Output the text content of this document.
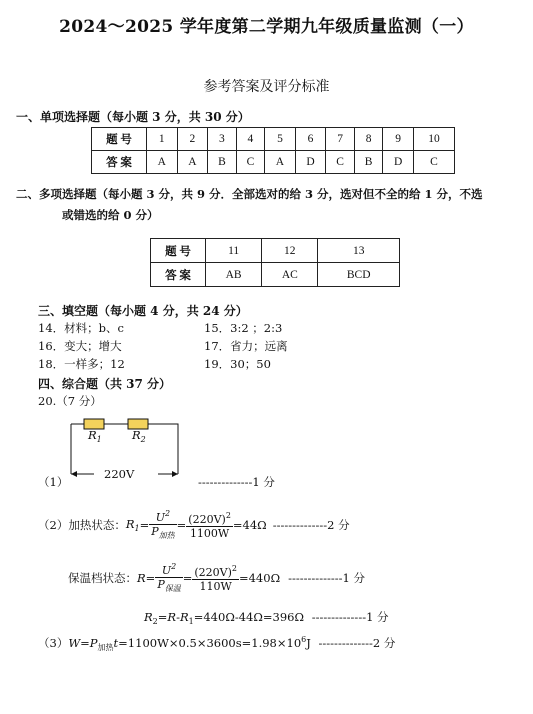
2024～2025 学年度第二学期九年级质量监测（一）
参考答案及评分标准
一、单项选择题（每小题 3 分，共 30 分）
题 号	1	2	3	4	5	6	7	8	9	10
答 案	A	A	B	C	A	D	C	B	D	C
二、多项选择题（每小题 3 分，共 9 分．全部选对的给 3 分，选对但不全的给 1 分，不选
或错选的给 0 分）
题 号	11	12	13
答 案	AB	AC	BCD
三、填空题（每小题 4 分，共 24 分）
14．材料；b、c	15．3:2 ；2:3
16．变大；增大	17．省力；远离
18．一样多；12	19．30；50
四、综合题（共 37 分）
20.（7 分）
$R_1$	$R_2$
220V
（1）	--------------1 分
（2）加热状态： $R_1 = \frac{U^2}{P_{加热}} = \frac{(220V)^2}{1100W} =44\Omega$ --------------2 分
保温档状态： $R = \frac{U^2}{P_{保温}} = \frac{(220V)^2}{110W} =440\Omega$ --------------1 分
$R_2=R-R_1=440\Omega-44\Omega=396\Omega$ --------------1 分
$(3)W=P_{加热}t=1100W\times 0.5\times 3600s=1.98\times 10^6J$ --------------2 分
